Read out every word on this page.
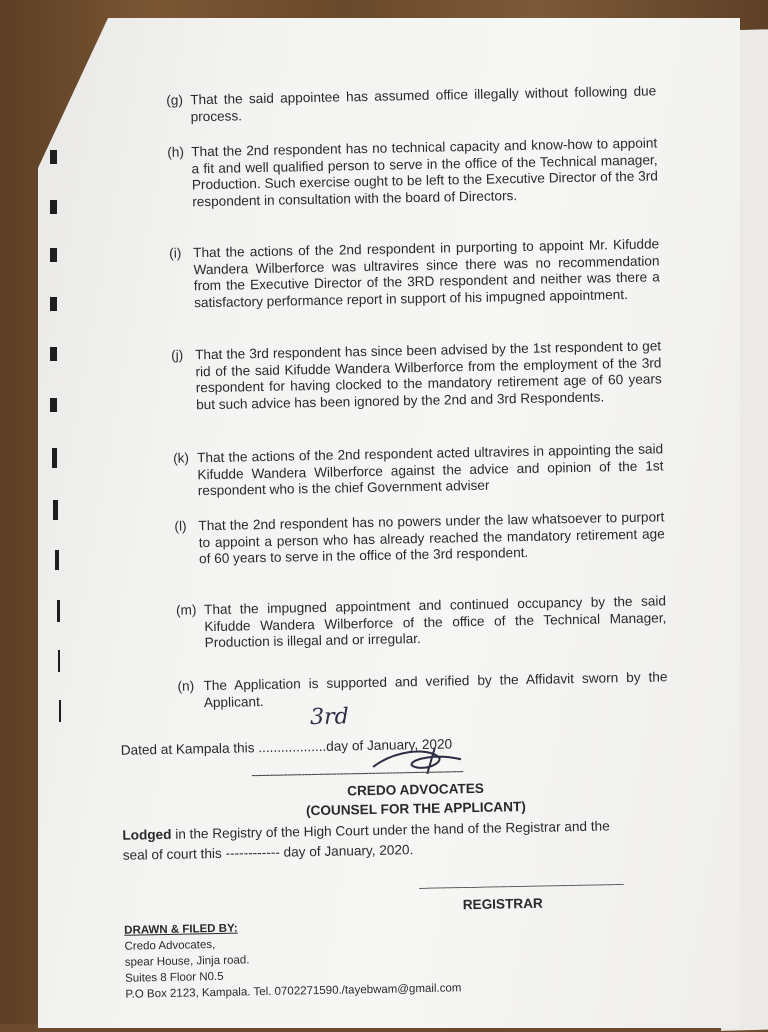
(g) That the said appointee has assumed office illegally without following due process.
(h) That the 2nd respondent has no technical capacity and know-how to appoint a fit and well qualified person to serve in the office of the Technical manager, Production. Such exercise ought to be left to the Executive Director of the 3rd respondent in consultation with the board of Directors.
(i) That the actions of the 2nd respondent in purporting to appoint Mr. Kifudde Wandera Wilberforce was ultravires since there was no recommendation from the Executive Director of the 3RD respondent and neither was there a satisfactory performance report in support of his impugned appointment.
(j) That the 3rd respondent has since been advised by the 1st respondent to get rid of the said Kifudde Wandera Wilberforce from the employment of the 3rd respondent for having clocked to the mandatory retirement age of 60 years but such advice has been ignored by the 2nd and 3rd Respondents.
(k) That the actions of the 2nd respondent acted ultravires in appointing the said Kifudde Wandera Wilberforce against the advice and opinion of the 1st respondent who is the chief Government adviser
(l) That the 2nd respondent has no powers under the law whatsoever to purport to appoint a person who has already reached the mandatory retirement age of 60 years to serve in the office of the 3rd respondent.
(m) That the impugned appointment and continued occupancy by the said Kifudde Wandera Wilberforce of the office of the Technical Manager, Production is illegal and or irregular.
(n) The Application is supported and verified by the Affidavit sworn by the Applicant.
Dated at Kampala this ..................day of January, 2020
3rd
------------------------------------------------------------
CREDO ADVOCATES
(COUNSEL FOR THE APPLICANT)
Lodged in the Registry of the High Court under the hand of the Registrar and the
seal of court this ------------ day of January, 2020.
___________________________
REGISTRAR
DRAWN & FILED BY:
Credo Advocates,
spear House, Jinja road.
Suites 8 Floor N0.5
P.O Box 2123, Kampala. Tel. 0702271590./tayebwam@gmail.com
